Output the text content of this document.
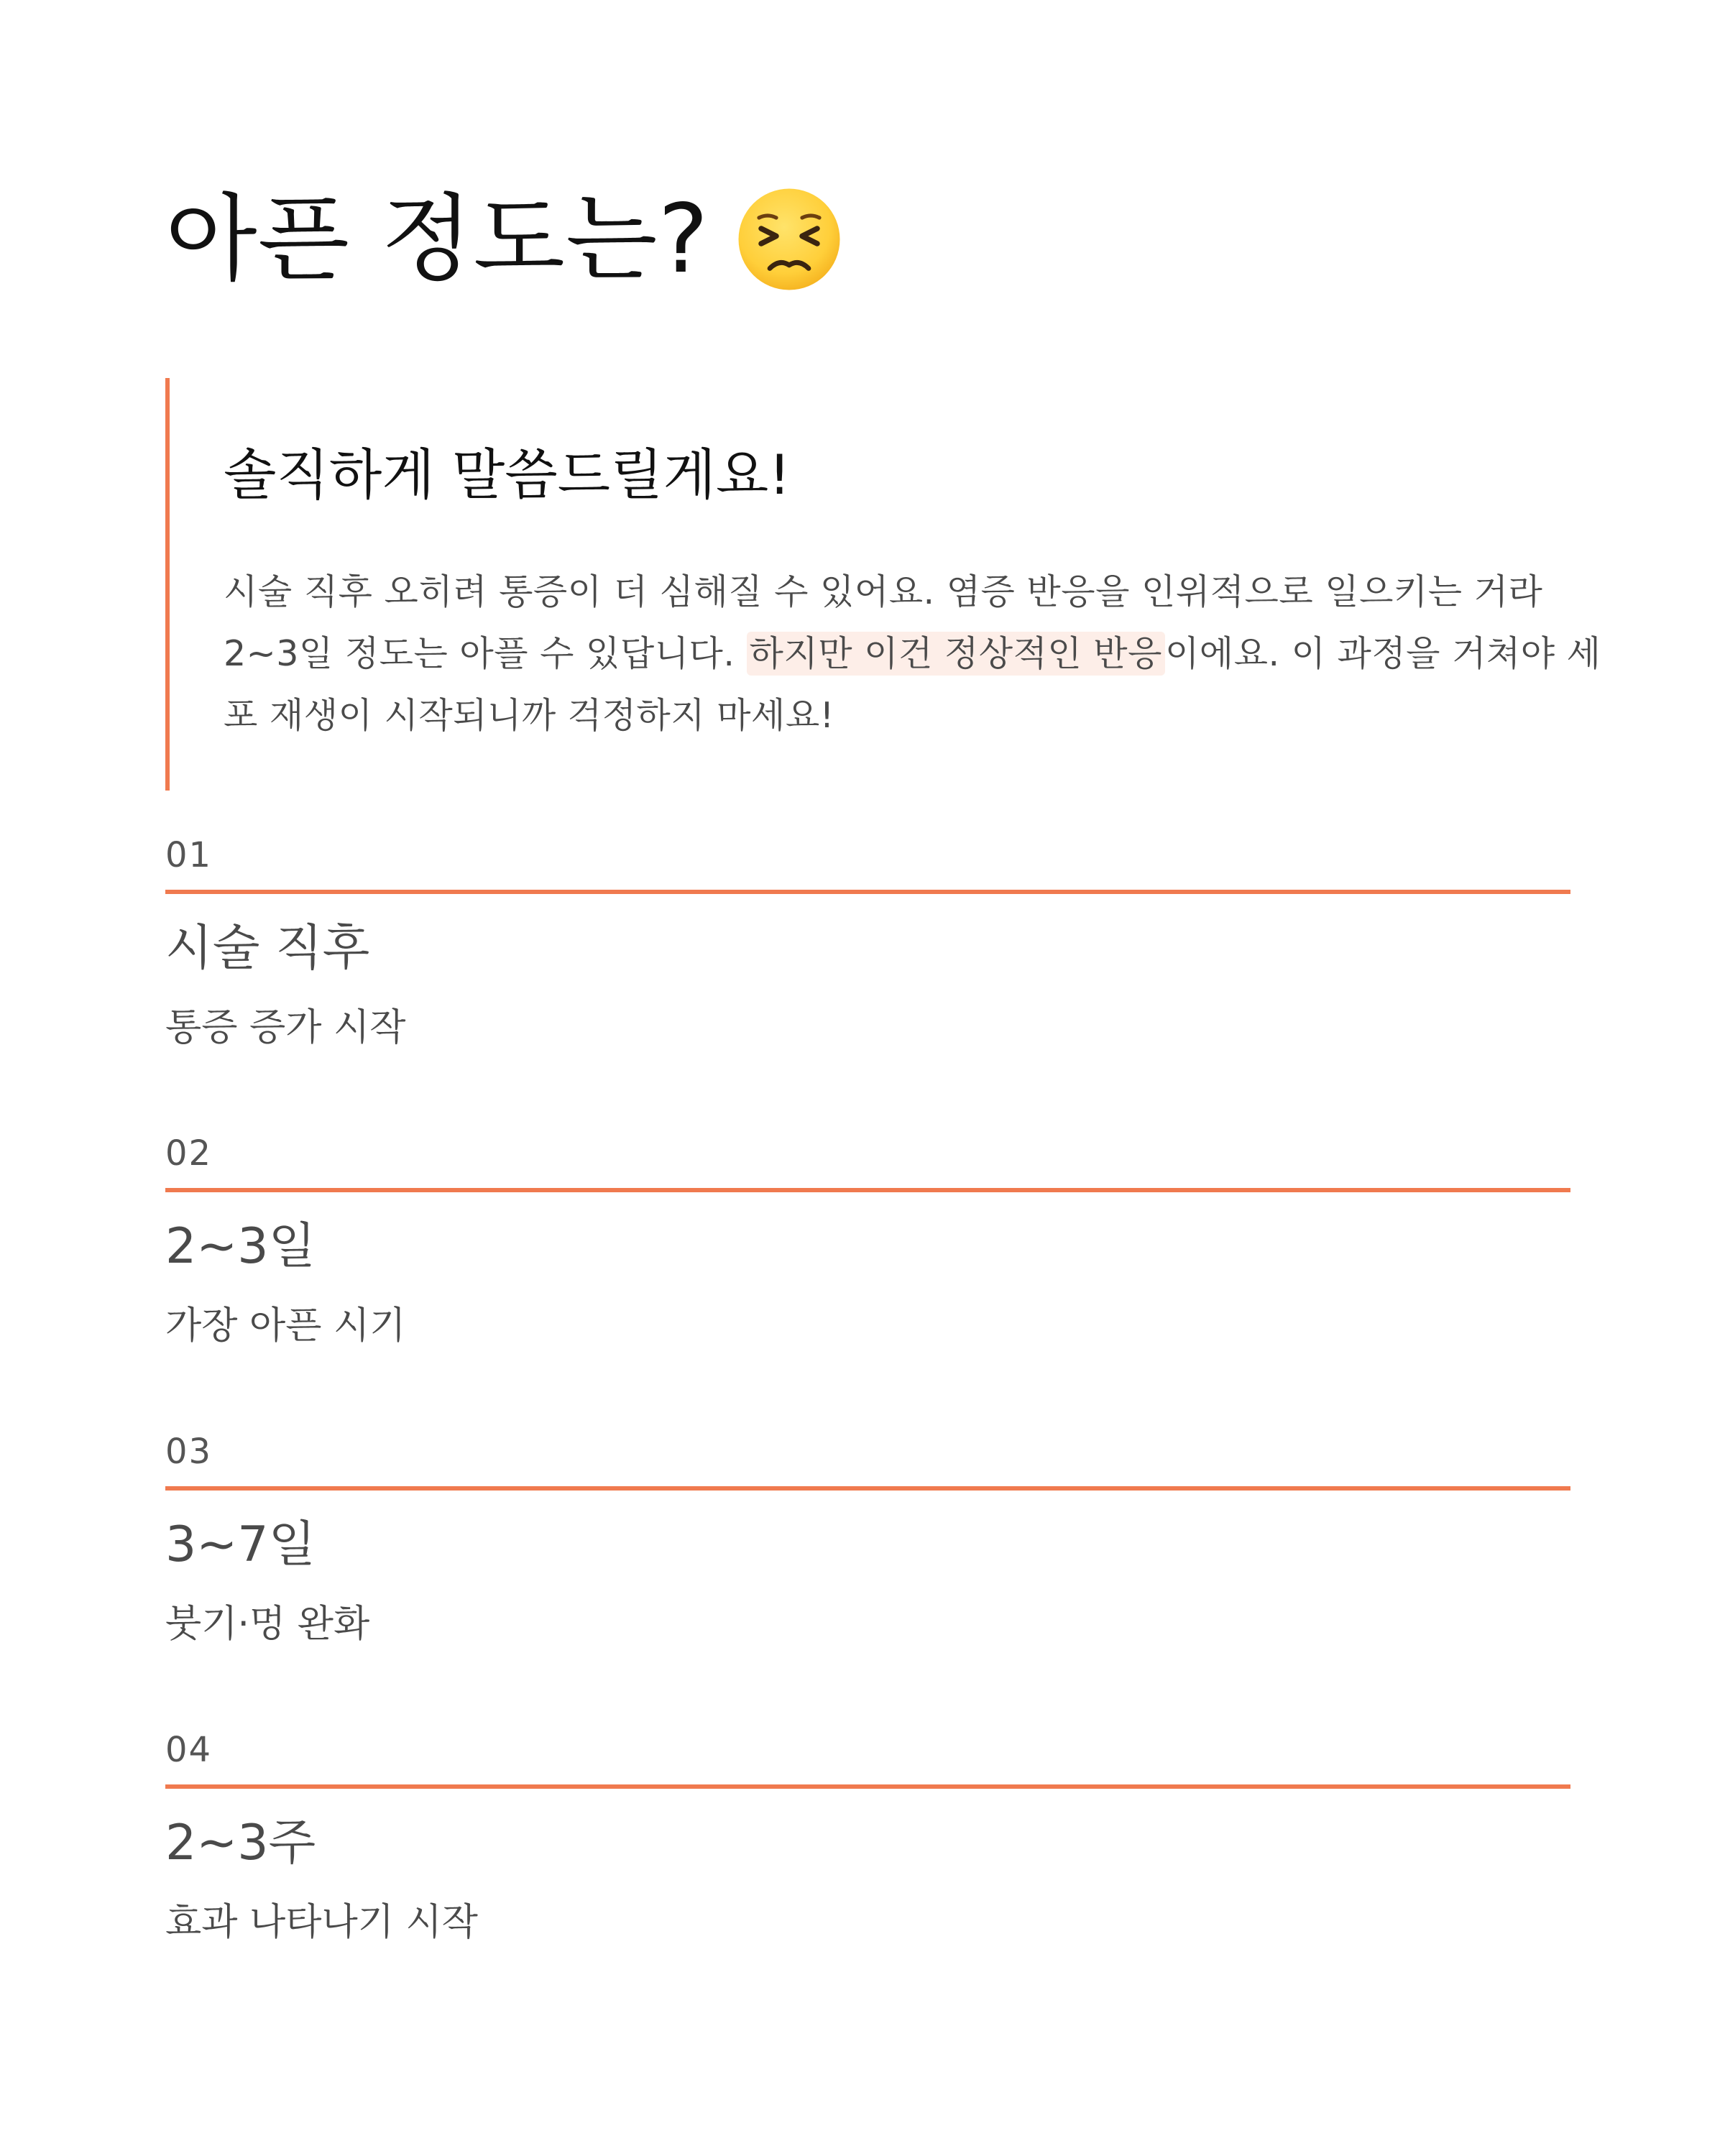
아픈 정도는?
솔직하게 말씀드릴게요!
시술 직후 오히려 통증이 더 심해질 수 있어요. 염증 반응을 인위적으로 일으키는 거라
2~3일 정도는 아플 수 있답니다. 하지만 이건 정상적인 반응이에요. 이 과정을 거쳐야 세
포 재생이 시작되니까 걱정하지 마세요!
01
시술 직후
통증 증가 시작
02
2~3일
가장 아픈 시기
03
3~7일
붓기·멍 완화
04
2~3주
효과 나타나기 시작
